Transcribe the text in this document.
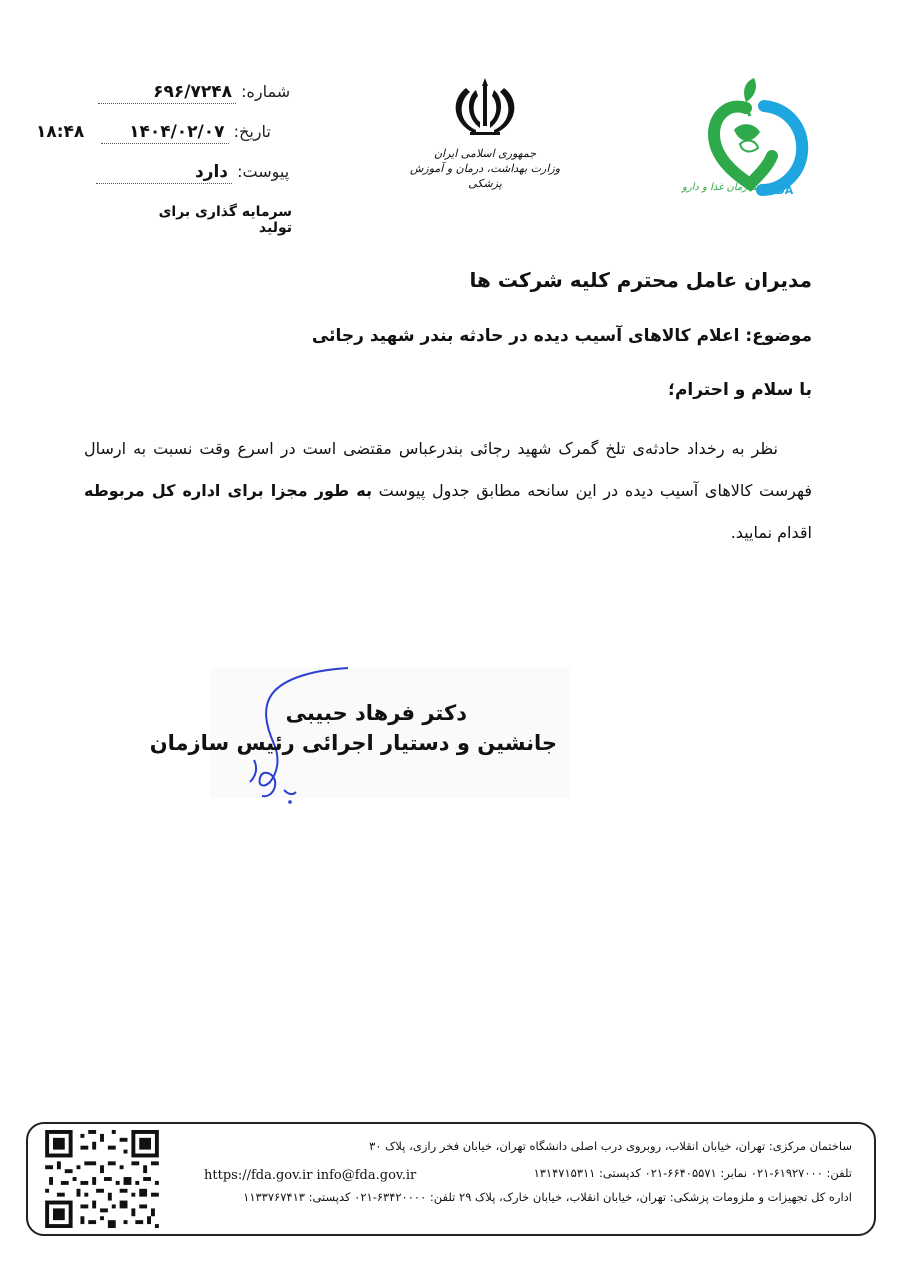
سازمان غذا و دارو IFDA
جمهوری اسلامی ایران
وزارت بهداشت، درمان و آموزش پزشکی
شماره: ۶۹۶/۷۲۴۸
تاریخ: ۱۴۰۴/۰۲/۰۷  ۱۸:۴۸
پیوست: دارد
سرمایه گذاری برای تولید
مدیران عامل محترم کلیه شرکت ها
موضوع: اعلام کالاهای آسیب دیده در حادثه بندر شهید رجائی
با سلام و احترام؛
نظر به رخداد حادثه‌ی تلخ گمرک شهید رجائی بندرعباس مقتضی است در اسرع وقت نسبت به ارسال فهرست کالاهای آسیب دیده در این سانحه مطابق جدول پیوست به طور مجزا برای اداره کل مربوطه اقدام نمایید.
دکتر فرهاد حبیبی
جانشین و دستیار اجرائی رئیس سازمان
ساختمان مرکزی: تهران، خیابان انقلاب، روبروی درب اصلی دانشگاه تهران، خیابان فخر رازی، پلاک ۳۰
تلفن: ۶۱۹۲۷۰۰۰-۰۲۱ نمابر: ۶۶۴۰۵۵۷۱-۰۲۱ کدپستی: ۱۳۱۴۷۱۵۳۱۱
https://fda.gov.ir info@fda.gov.ir
اداره کل تجهیزات و ملزومات پزشکی: تهران، خیابان انقلاب، خیابان خارک، پلاک ۲۹ تلفن: ۶۳۴۲۰۰۰۰-۰۲۱ کدپستی: ۱۱۳۳۷۶۷۴۱۳
